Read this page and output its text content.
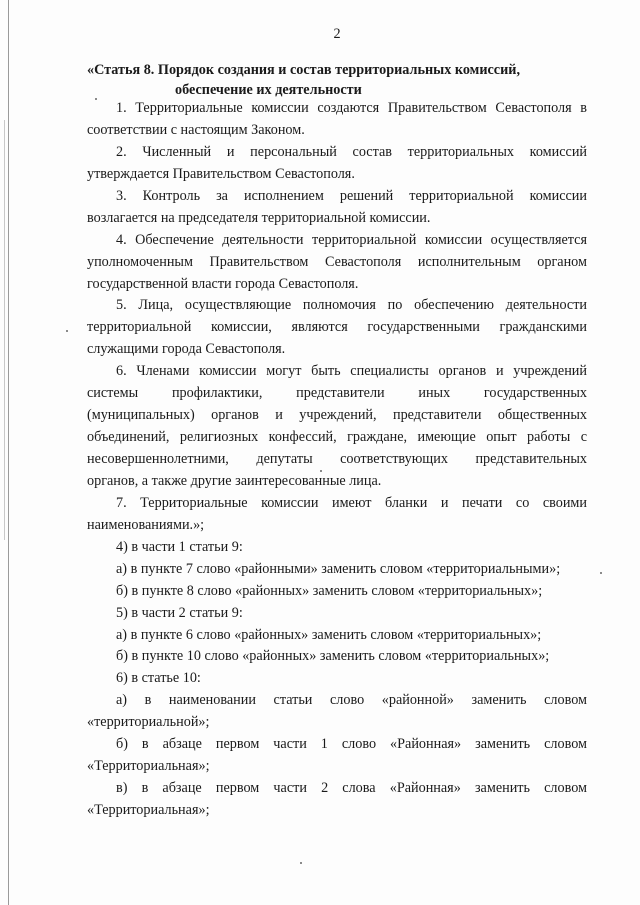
2
«Статья 8. Порядок создания и состав территориальных комиссий,
обеспечение их деятельности
1. Территориальные комиссии создаются Правительством Севастополя в
соответствии с настоящим Законом.
2. Численный и персональный состав территориальных комиссий
утверждается Правительством Севастополя.
3. Контроль за исполнением решений территориальной комиссии
возлагается на председателя территориальной комиссии.
4. Обеспечение деятельности территориальной комиссии осуществляется
уполномоченным Правительством Севастополя исполнительным органом
государственной власти города Севастополя.
5. Лица, осуществляющие полномочия по обеспечению деятельности
территориальной комиссии, являются государственными гражданскими
служащими города Севастополя.
6. Членами комиссии могут быть специалисты органов и учреждений
системы профилактики, представители иных государственных
(муниципальных) органов и учреждений, представители общественных
объединений, религиозных конфессий, граждане, имеющие опыт работы с
несовершеннолетними, депутаты соответствующих представительных
органов, а также другие заинтересованные лица.
7. Территориальные комиссии имеют бланки и печати со своими
наименованиями.»;
4) в части 1 статьи 9:
а) в пункте 7 слово «районными» заменить словом «территориальными»;
б) в пункте 8 слово «районных» заменить словом «территориальных»;
5) в части 2 статьи 9:
а) в пункте 6 слово «районных» заменить словом «территориальных»;
б) в пункте 10 слово «районных» заменить словом «территориальных»;
6) в статье 10:
а) в наименовании статьи слово «районной» заменить словом
«территориальной»;
б) в абзаце первом части 1 слово «Районная» заменить словом
«Территориальная»;
в) в абзаце первом части 2 слова «Районная» заменить словом
«Территориальная»;
